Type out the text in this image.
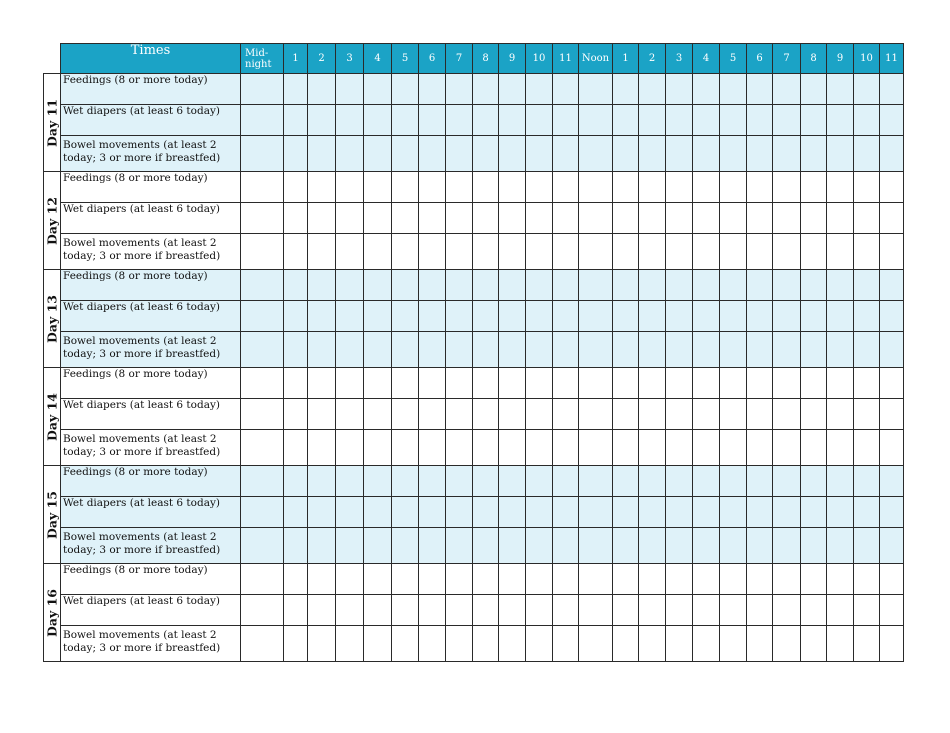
	Times	Mid-
night	1	2	3	4	5	6	7	8	9	10	11	Noon	1	2	3	4	5	6	7	8	9	10	11

Day 11	Feedings (8 or more today)																								
	Wet diapers (at least 6 today)																								
	Bowel movements (at least 2 today; 3 or more if breastfed)																								

Day 12	Feedings (8 or more today)																								
	Wet diapers (at least 6 today)																								
	Bowel movements (at least 2 today; 3 or more if breastfed)																								

Day 13	Feedings (8 or more today)																								
	Wet diapers (at least 6 today)																								
	Bowel movements (at least 2 today; 3 or more if breastfed)																								

Day 14	Feedings (8 or more today)																								
	Wet diapers (at least 6 today)																								
	Bowel movements (at least 2 today; 3 or more if breastfed)																								

Day 15	Feedings (8 or more today)																								
	Wet diapers (at least 6 today)																								
	Bowel movements (at least 2 today; 3 or more if breastfed)																								

Day 16	Feedings (8 or more today)																								
	Wet diapers (at least 6 today)																								
	Bowel movements (at least 2 today; 3 or more if breastfed)																								
